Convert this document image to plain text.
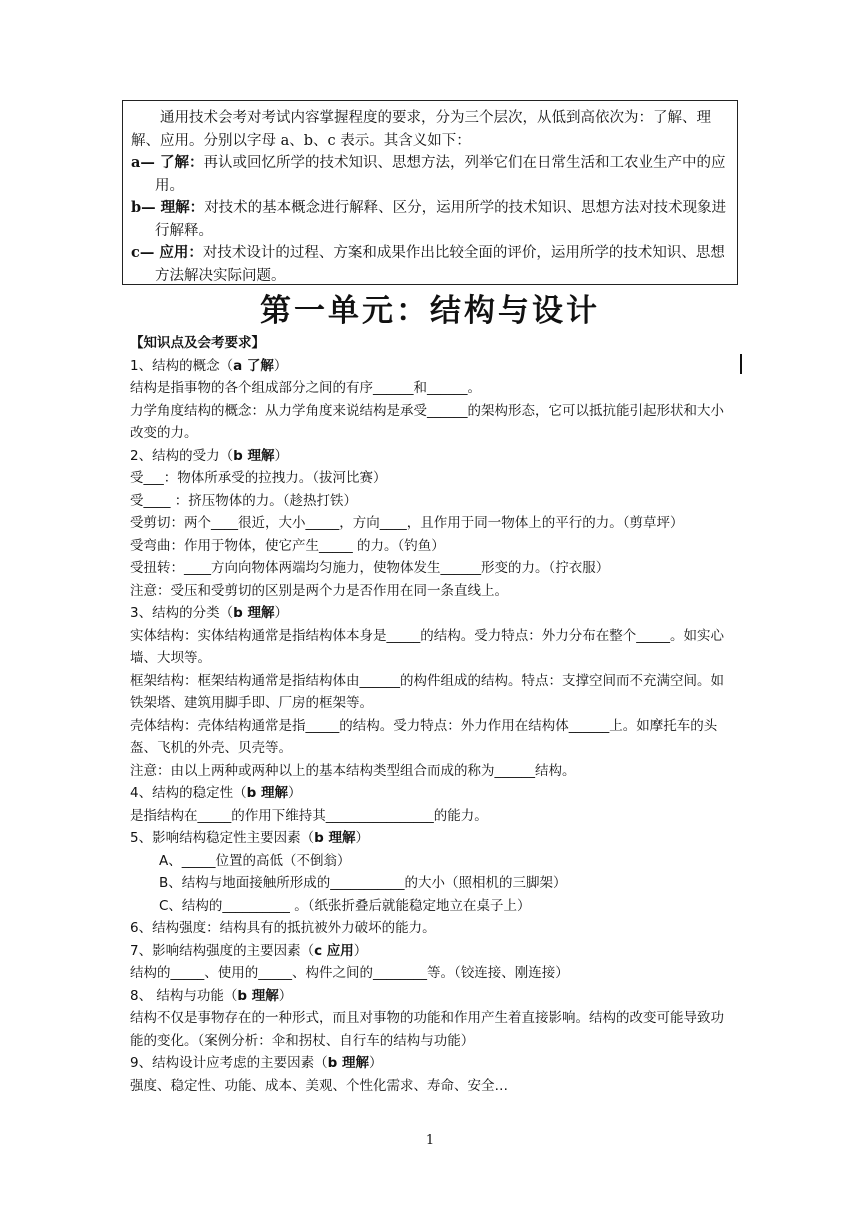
通用技术会考对考试内容掌握程度的要求，分为三个层次，从低到高依次为：了解、理解、应用。分别以字母 a、b、c 表示。其含义如下：

a— 了解：再认或回忆所学的技术知识、思想方法，列举它们在日常生活和工农业生产中的应用。

b— 理解：对技术的基本概念进行解释、区分，运用所学的技术知识、思想方法对技术现象进行解释。

c— 应用：对技术设计的过程、方案和成果作出比较全面的评价，运用所学的技术知识、思想方法解决实际问题。

第一单元：结构与设计

【知识点及会考要求】

1、结构的概念（a 了解）

结构是指事物的各个组成部分之间的有序______和______。

力学角度结构的概念：从力学角度来说结构是承受______的架构形态，它可以抵抗能引起形状和大小改变的力。

2、结构的受力（b 理解）

受___：物体所承受的拉拽力。（拔河比赛）

受____ ：挤压物体的力。（趁热打铁）

受剪切：两个____很近，大小_____，方向____，且作用于同一物体上的平行的力。（剪草坪）

受弯曲：作用于物体，使它产生_____ 的力。（钓鱼）

受扭转：____方向向物体两端均匀施力，使物体发生______形变的力。（拧衣服）

注意：受压和受剪切的区别是两个力是否作用在同一条直线上。

3、结构的分类（b 理解）

实体结构：实体结构通常是指结构体本身是_____的结构。受力特点：外力分布在整个_____。如实心墙、大坝等。

框架结构：框架结构通常是指结构体由______的构件组成的结构。特点：支撑空间而不充满空间。如铁架塔、建筑用脚手即、厂房的框架等。

壳体结构：壳体结构通常是指_____的结构。受力特点：外力作用在结构体______上。如摩托车的头盔、飞机的外壳、贝壳等。

注意：由以上两种或两种以上的基本结构类型组合而成的称为______结构。

4、结构的稳定性（b 理解）

是指结构在_____的作用下维持其________________的能力。

5、影响结构稳定性主要因素（b 理解）

A、_____位置的高低（不倒翁）

B、结构与地面接触所形成的___________的大小（照相机的三脚架）

C、结构的__________ 。（纸张折叠后就能稳定地立在桌子上）

6、结构强度：结构具有的抵抗被外力破坏的能力。

7、影响结构强度的主要因素（c 应用）

结构的_____、使用的_____、构件之间的________等。（铰连接、刚连接）

8、 结构与功能（b 理解）

结构不仅是事物存在的一种形式，而且对事物的功能和作用产生着直接影响。结构的改变可能导致功能的变化。（案例分析：伞和拐杖、自行车的结构与功能）

9、结构设计应考虑的主要因素（b 理解）

强度、稳定性、功能、成本、美观、个性化需求、寿命、安全…

1
